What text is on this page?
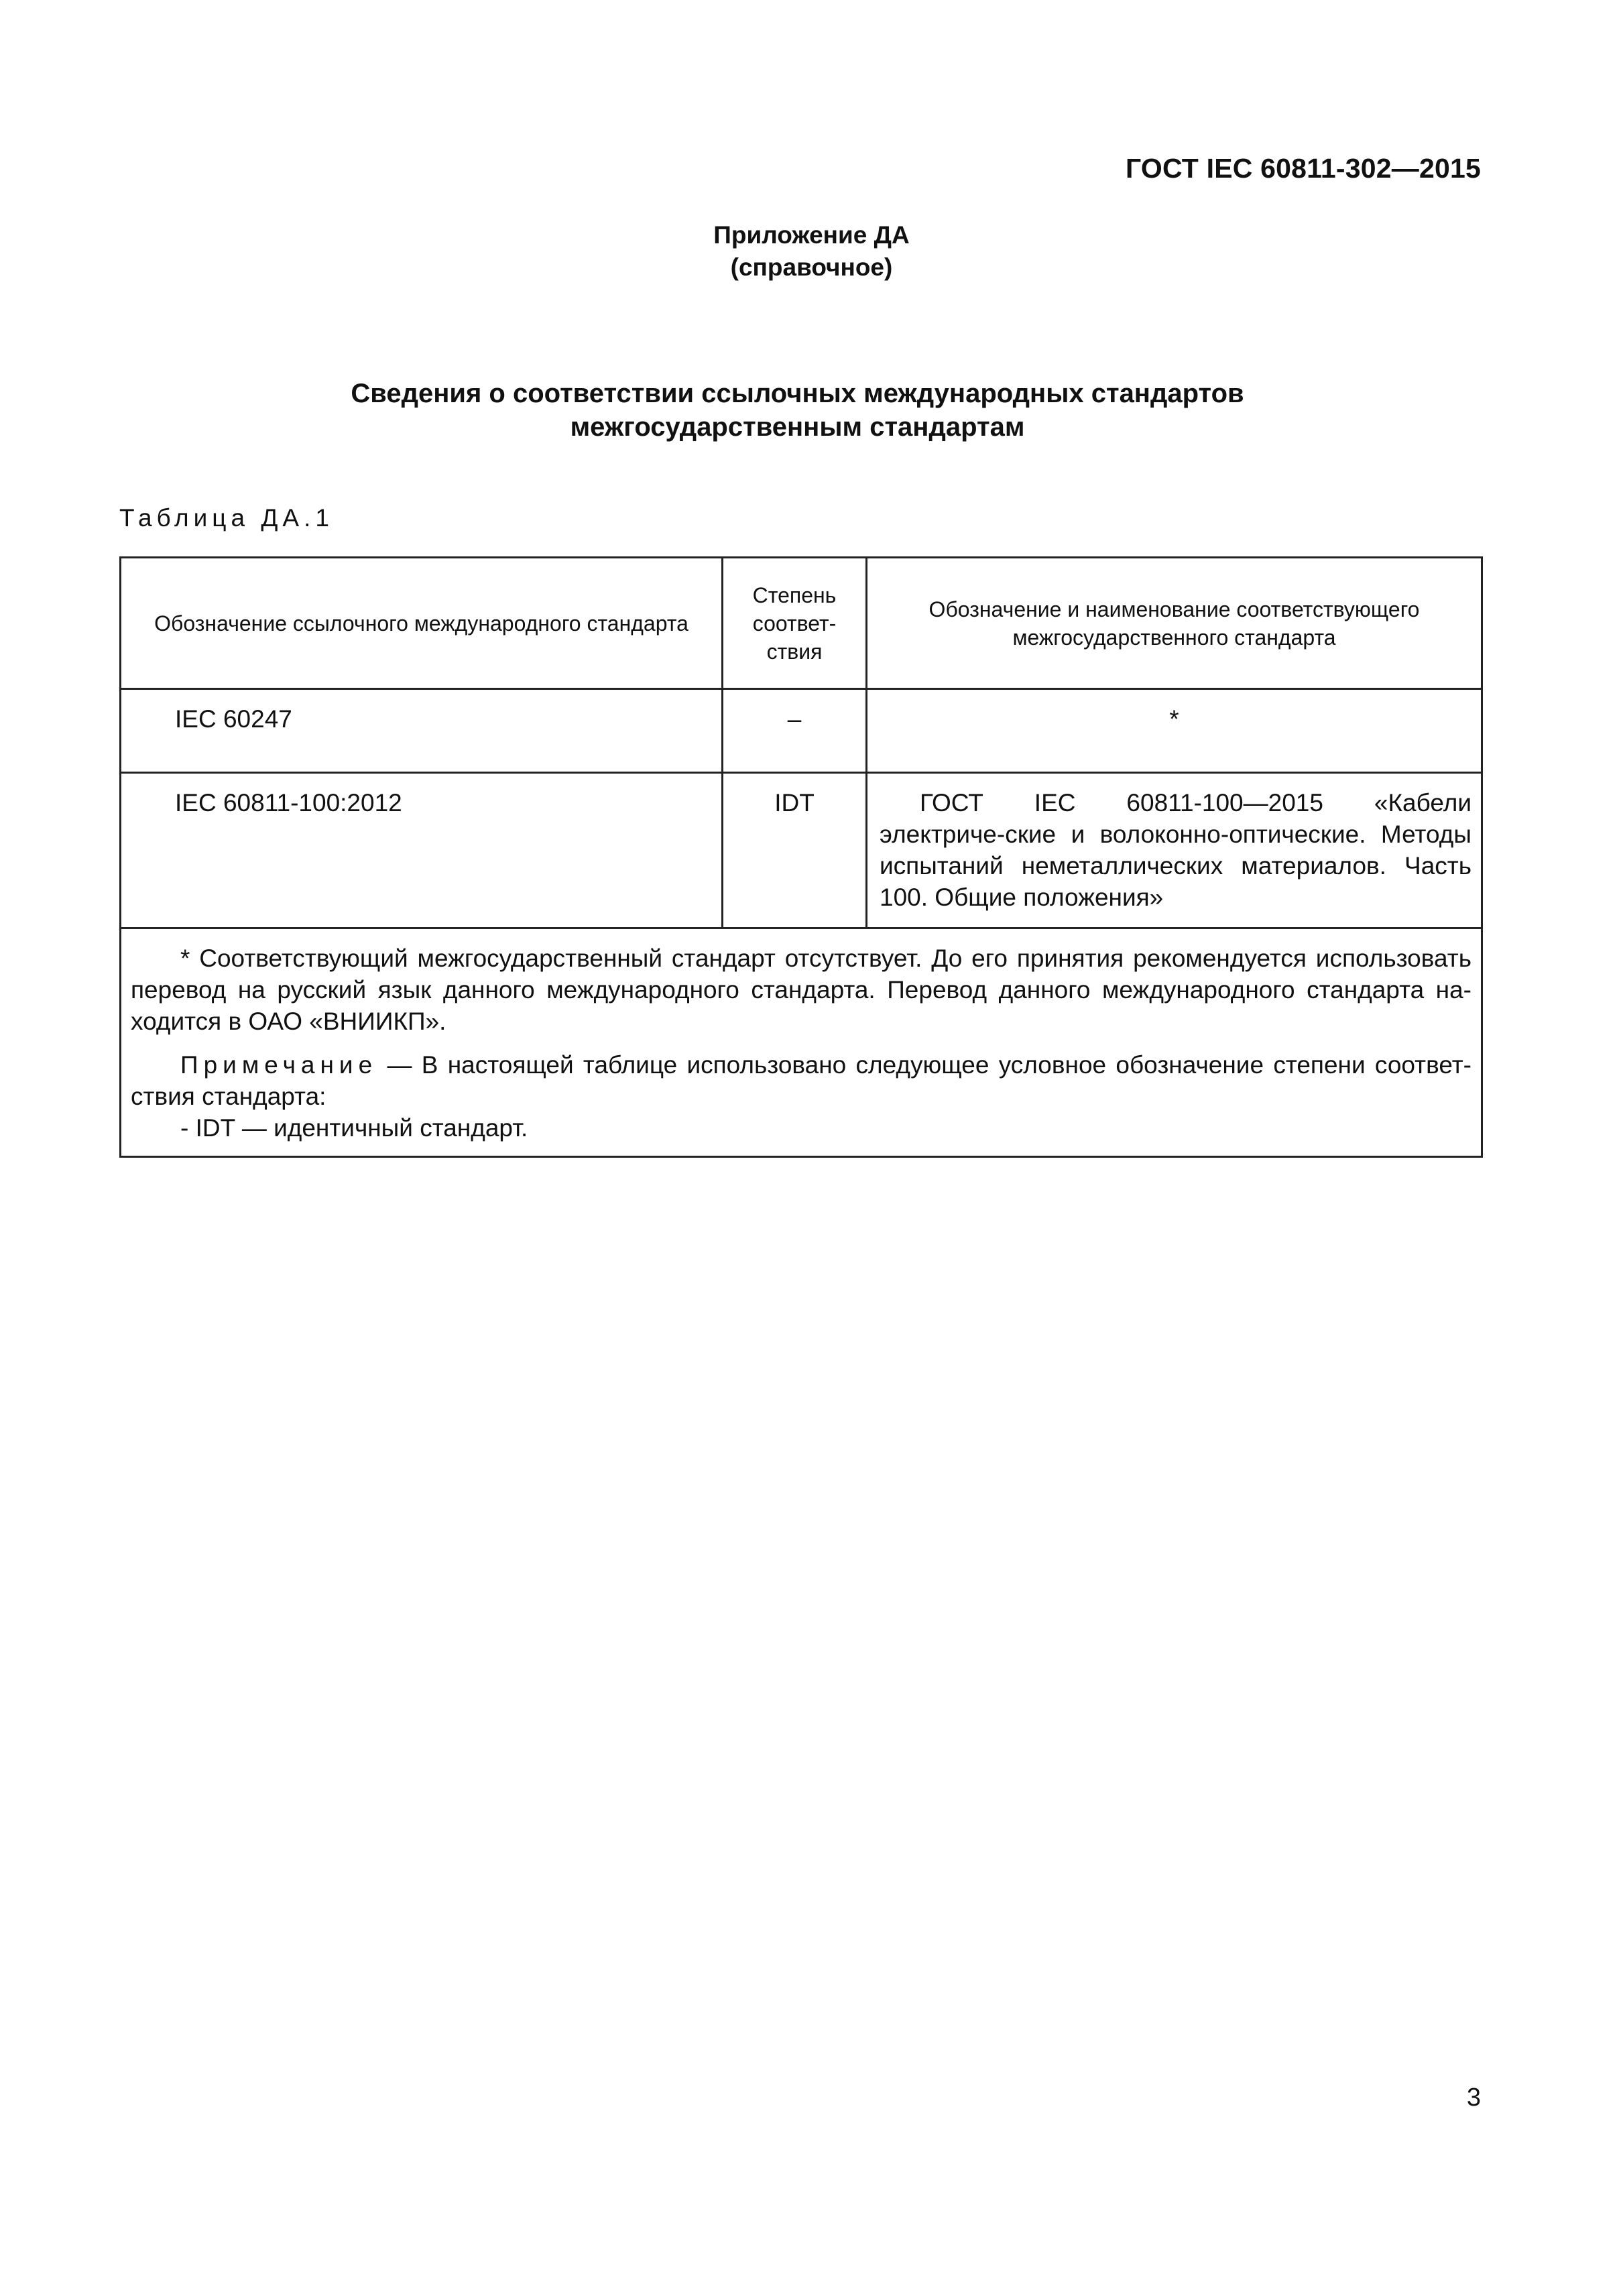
ГОСТ IEC 60811-302—2015
Приложение ДА
(справочное)
Сведения о соответствии ссылочных международных стандартов
межгосударственным стандартам
Таблица ДА.1
Обозначение ссылочного международного стандарта	Степень соответ-ствия	Обозначение и наименование соответствующего межгосударственного стандарта
IEC 60247	–	*
IEC 60811-100:2012	IDT	ГОСТ IEC 60811-100—2015 «Кабели электриче-ские и волоконно-оптические. Методы испытаний неметаллических материалов. Часть 100. Общие положения»

* Соответствующий межгосударственный стандарт отсутствует. До его принятия рекомендуется использовать перевод на русский язык данного международного стандарта. Перевод данного международного стандарта на-ходится в ОАО «ВНИИКП».

Примечание — В настоящей таблице использовано следующее условное обозначение степени соответ-ствия стандарта:

- IDT — идентичный стандарт.		

3
